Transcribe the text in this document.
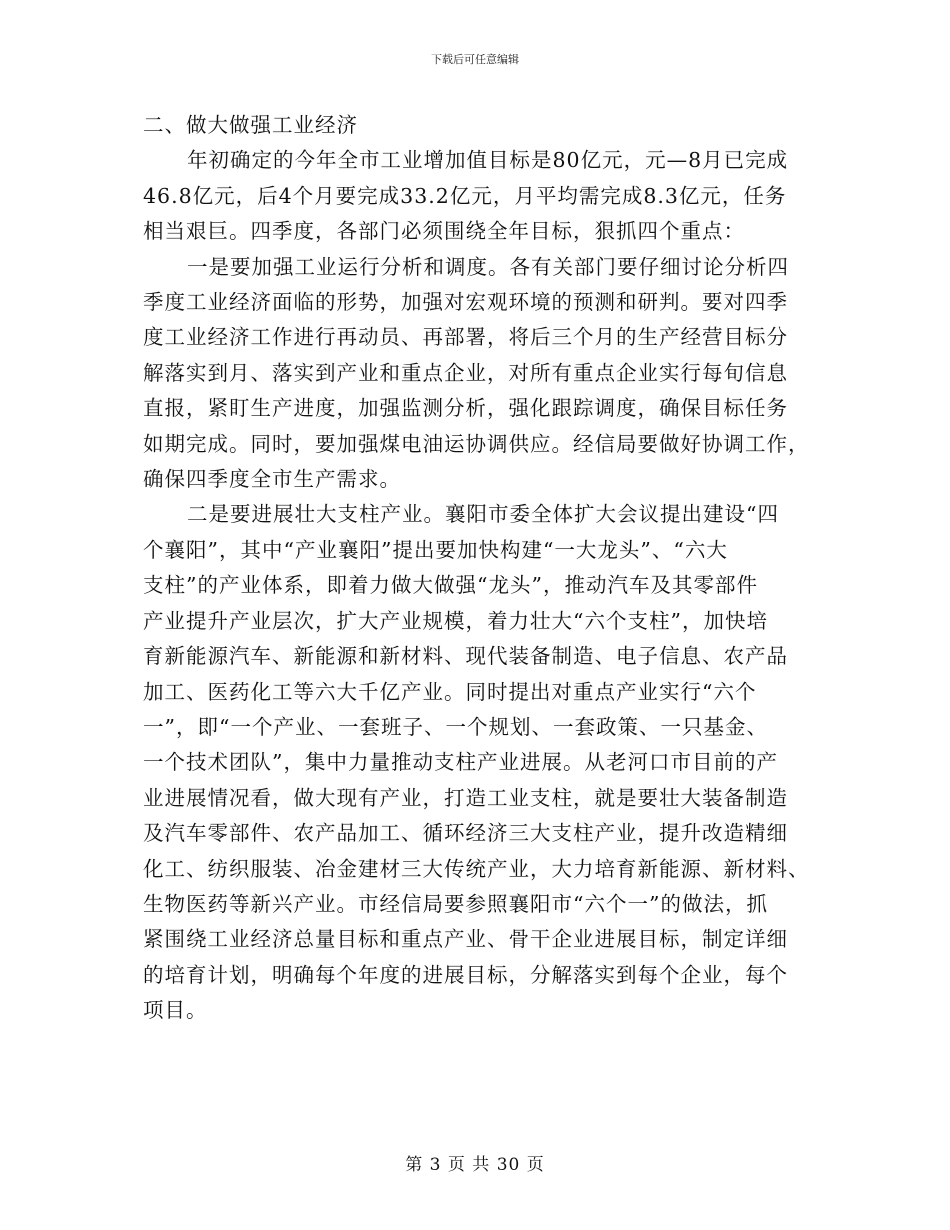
下载后可任意编辑

二、做大做强工业经济

年初确定的今年全市工业增加值目标是80亿元，元—8月已完成
46.8亿元，后4个月要完成33.2亿元，月平均需完成8.3亿元，任务
相当艰巨。四季度，各部门必须围绕全年目标，狠抓四个重点：

一是要加强工业运行分析和调度。各有关部门要仔细讨论分析四
季度工业经济面临的形势，加强对宏观环境的预测和研判。要对四季
度工业经济工作进行再动员、再部署，将后三个月的生产经营目标分
解落实到月、落实到产业和重点企业，对所有重点企业实行每旬信息
直报，紧盯生产进度，加强监测分析，强化跟踪调度，确保目标任务
如期完成。同时，要加强煤电油运协调供应。经信局要做好协调工作，
确保四季度全市生产需求。

二是要进展壮大支柱产业。襄阳市委全体扩大会议提出建设“四
个襄阳”，其中“产业襄阳”提出要加快构建“一大龙头”、“六大
支柱”的产业体系，即着力做大做强“龙头”，推动汽车及其零部件
产业提升产业层次，扩大产业规模，着力壮大“六个支柱”，加快培
育新能源汽车、新能源和新材料、现代装备制造、电子信息、农产品
加工、医药化工等六大千亿产业。同时提出对重点产业实行“六个
一”，即“一个产业、一套班子、一个规划、一套政策、一只基金、
一个技术团队”，集中力量推动支柱产业进展。从老河口市目前的产
业进展情况看，做大现有产业，打造工业支柱，就是要壮大装备制造
及汽车零部件、农产品加工、循环经济三大支柱产业，提升改造精细
化工、纺织服装、冶金建材三大传统产业，大力培育新能源、新材料、
生物医药等新兴产业。市经信局要参照襄阳市“六个一”的做法，抓
紧围绕工业经济总量目标和重点产业、骨干企业进展目标，制定详细
的培育计划，明确每个年度的进展目标，分解落实到每个企业，每个
项目。

第 3 页 共 30 页
